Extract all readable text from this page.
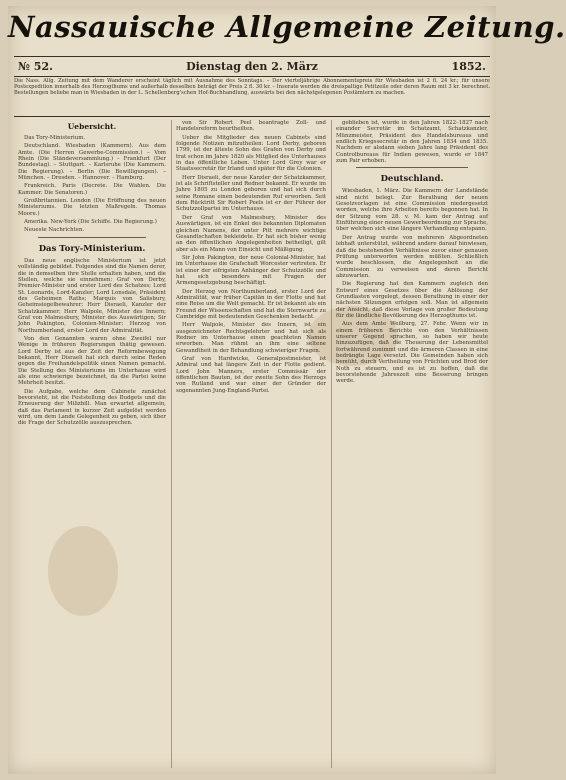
Nassauische Allgemeine Zeitung.
№ 52.	Dienstag den 2. März	1852.
Die Nass. Allg. Zeitung mit dem Wanderer erscheint täglich mit Ausnahme des Sonntags. – Der vierteljährige Abonnementspreis für Wiesbaden ist 2 fl. 24 kr.; für unsere Postexpedition innerhalb des Herzogthums und außerhalb desselben beträgt der Preis 2 fl. 30 kr. – Inserate werden die dreispaltige Petitzeile oder deren Raum mit 3 kr. berechnet. Bestellungen beliebe man in Wiesbaden in der L. Schellenberg'schen Hof-Buchhandlung, auswärts bei den nächstgelegenen Postämtern zu machen.
Uebersicht.

Das Tory-Ministerium.

Deutschland. Wiesbaden (Kammern). Aus dem Amte. (Die Herren Gewerbe-Commission.) – Vom Rhein (Die Ständeversammlung.) – Frankfurt (Der Bundestag). – Stuttgart. – Karlsruhe (Die Kammern. Die Regierung). – Berlin (Die Bewilligungen). – München. – Dresden. – Hannover. – Hamburg.

Frankreich. Paris (Decrete. Die Wahlen. Die Kammer. Die Senatoren.)

Großbritannien. London (Die Eröffnung des neuen Ministeriums. Die letzten Maßregeln. Thomas Moore.)

Amerika. New-York (Die Schiffe. Die Regierung.)

Neueste Nachrichten.

Das Tory-Ministerium.

Das neue englische Ministerium ist jetzt vollständig gebildet. Folgendes sind die Namen derer, die in demselben ihre Stelle erhalten haben, und die Stellen, welche sie einnehmen: Graf von Derby, Premier-Minister und erster Lord des Schatzes; Lord St. Leonards, Lord-Kanzler; Lord Lonsdale, Präsident des Geheimen Raths; Marquis von Salisbury, Geheimsiegelbewahrer; Herr Disraeli, Kanzler der Schatzkammer; Herr Walpole, Minister des Innern; Graf von Malmesbury, Minister des Auswärtigen; Sir John Pakington, Colonien-Minister; Herzog von Northumberland, erster Lord der Admiralität.

Von den Genannten waren ohne Zweifel nur Wenige in früheren Regierungen thätig gewesen. Lord Derby ist aus der Zeit der Reformbewegung bekannt, Herr Disraeli hat sich durch seine Reden gegen die Freihandelspolitik einen Namen gemacht. Die Stellung des Ministeriums im Unterhause wird als eine schwierige bezeichnet, da die Partei keine Mehrheit besitzt.

Die Aufgabe, welche dem Cabinete zunächst bevorsteht, ist die Feststellung des Budgets und die Erneuerung der Milizbill. Man erwartet allgemein, daß das Parlament in kurzer Zeit aufgelöst werden wird, um dem Lande Gelegenheit zu geben, sich über die Frage der Schutzzölle auszusprechen.

von Sir Robert Peel beantragte Zoll- und Handelsreform beurtheilten.

Ueber die Mitglieder des neuen Cabinets sind folgende Notizen mitzutheilen: Lord Derby, geboren 1799, ist der älteste Sohn des Grafen von Derby und trat schon im Jahre 1820 als Mitglied des Unterhauses in das öffentliche Leben. Unter Lord Grey war er Staatssecretär für Irland und später für die Colonien.

Herr Disraeli, der neue Kanzler der Schatzkammer, ist als Schriftsteller und Redner bekannt. Er wurde im Jahre 1805 zu London geboren und hat sich durch seine Romane einen bedeutenden Ruf erworben. Seit dem Rücktritt Sir Robert Peels ist er der Führer der Schutzzollpartei im Unterhause.

Der Graf von Malmesbury, Minister des Auswärtigen, ist ein Enkel des bekannten Diplomaten gleichen Namens, der unter Pitt mehrere wichtige Gesandtschaften bekleidete. Er hat sich bisher wenig an den öffentlichen Angelegenheiten betheiligt, gilt aber als ein Mann von Einsicht und Mäßigung.

Sir John Pakington, der neue Colonial-Minister, hat im Unterhause die Grafschaft Worcester vertreten. Er ist einer der eifrigsten Anhänger der Schutzzölle und hat sich besonders mit Fragen der Armengesetzgebung beschäftigt.

Der Herzog von Northumberland, erster Lord der Admiralität, war früher Capitän in der Flotte und hat eine Reise um die Welt gemacht. Er ist bekannt als ein Freund der Wissenschaften und hat die Sternwarte zu Cambridge mit bedeutenden Geschenken bedacht.

Herr Walpole, Minister des Innern, ist ein ausgezeichneter Rechtsgelehrter und hat sich als Redner im Unterhause einen geachteten Namen erworben. Man rühmt an ihm eine seltene Gewandtheit in der Behandlung schwieriger Fragen.

Graf von Hardwicke, Generalpostmeister, ist Admiral und hat längere Zeit in der Flotte gedient. Lord John Manners, erster Commissär der öffentlichen Bauten, ist der zweite Sohn des Herzogs von Rutland und war einer der Gründer der sogenannten Jung-England-Partei.

geblieben ist, wurde in den Jahren 1822–1827 nach einander Secretär im Schatzamt, Schatzkanzler, Münzmeister, Präsident des Handelsbureaus und endlich Kriegssecretär in den Jahren 1834 und 1835. Nachdem er alsdann sieben Jahre lang Präsident des Controlbureaus für Indien gewesen, wurde er 1847 zum Pair erhoben.

Deutschland.

Wiesbaden, 1. März. Die Kammern der Landstände sind nicht belegt. Zur Berathung der neuen Gesetzvorlagen ist eine Commission niedergesetzt worden, welche ihre Arbeiten bereits begonnen hat. In der Sitzung vom 28. v. M. kam der Antrag auf Einführung einer neuen Gewerbeordnung zur Sprache, über welchen sich eine längere Verhandlung entspann.

Der Antrag wurde von mehreren Abgeordneten lebhaft unterstützt, während andere darauf hinwiesen, daß die bestehenden Verhältnisse zuvor einer genauen Prüfung unterworfen werden müßten. Schließlich wurde beschlossen, die Angelegenheit an die Commission zu verweisen und deren Bericht abzuwarten.

Die Regierung hat den Kammern zugleich den Entwurf eines Gesetzes über die Ablösung der Grundlasten vorgelegt, dessen Berathung in einer der nächsten Sitzungen erfolgen soll. Man ist allgemein der Ansicht, daß diese Vorlage von großer Bedeutung für die ländliche Bevölkerung des Herzogthums ist.

Aus dem Amte Weilburg, 27. Febr. Wenn wir in einem früheren Berichte von den Verhältnissen unserer Gegend sprachen, so haben wir heute hinzuzufügen, daß die Theuerung der Lebensmittel fortwährend zunimmt und die ärmeren Classen in eine bedrängte Lage versetzt. Die Gemeinden haben sich bemüht, durch Vertheilung von Früchten und Brod der Noth zu steuern, und es ist zu hoffen, daß die bevorstehende Jahreszeit eine Besserung bringen werde.
